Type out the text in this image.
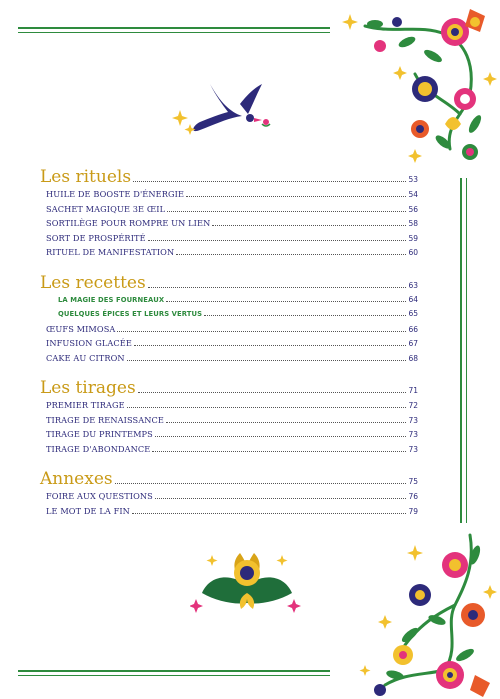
Les rituels	53
HUILE DE BOOSTE D'ÉNERGIE	54
SACHET MAGIQUE 3E ŒIL	56
SORTILÈGE POUR ROMPRE UN LIEN	58
SORT DE PROSPÉRITÉ	59
RITUEL DE MANIFESTATION	60
Les recettes	63
LA MAGIE DES FOURNEAUX	64
QUELQUES ÉPICES ET LEURS VERTUS	65
ŒUFS MIMOSA	66
INFUSION GLACÉE	67
CAKE AU CITRON	68
Les tirages	71
PREMIER TIRAGE	72
TIRAGE DE RENAISSANCE	73
TIRAGE DU PRINTEMPS	73
TIRAGE D'ABONDANCE	73
Annexes	75
FOIRE AUX QUESTIONS	76
LE MOT DE LA FIN	79
